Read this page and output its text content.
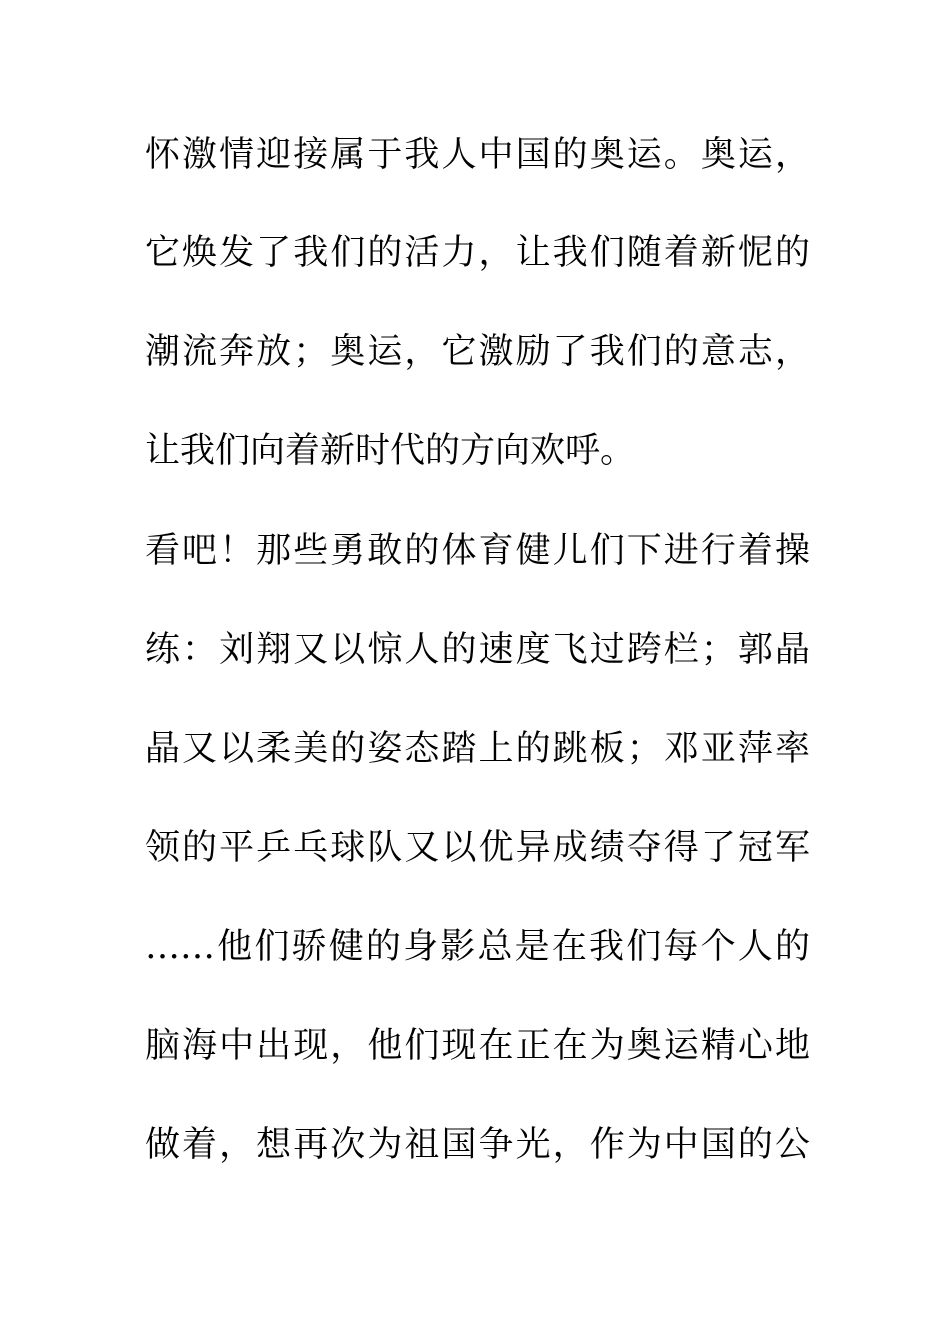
怀激情迎接属于我人中国的奥运。奥运，
它焕发了我们的活力，让我们随着新怩的
潮流奔放；奥运，它激励了我们的意志，
让我们向着新时代的方向欢呼。
看吧！那些勇敢的体育健儿们下进行着操
练：刘翔又以惊人的速度飞过跨栏；郭晶
晶又以柔美的姿态踏上的跳板；邓亚萍率
领的平乒乓球队又以优异成绩夺得了冠军
……他们骄健的身影总是在我们每个人的
脑海中出现，他们现在正在为奥运精心地
做着，想再次为祖国争光，作为中国的公
